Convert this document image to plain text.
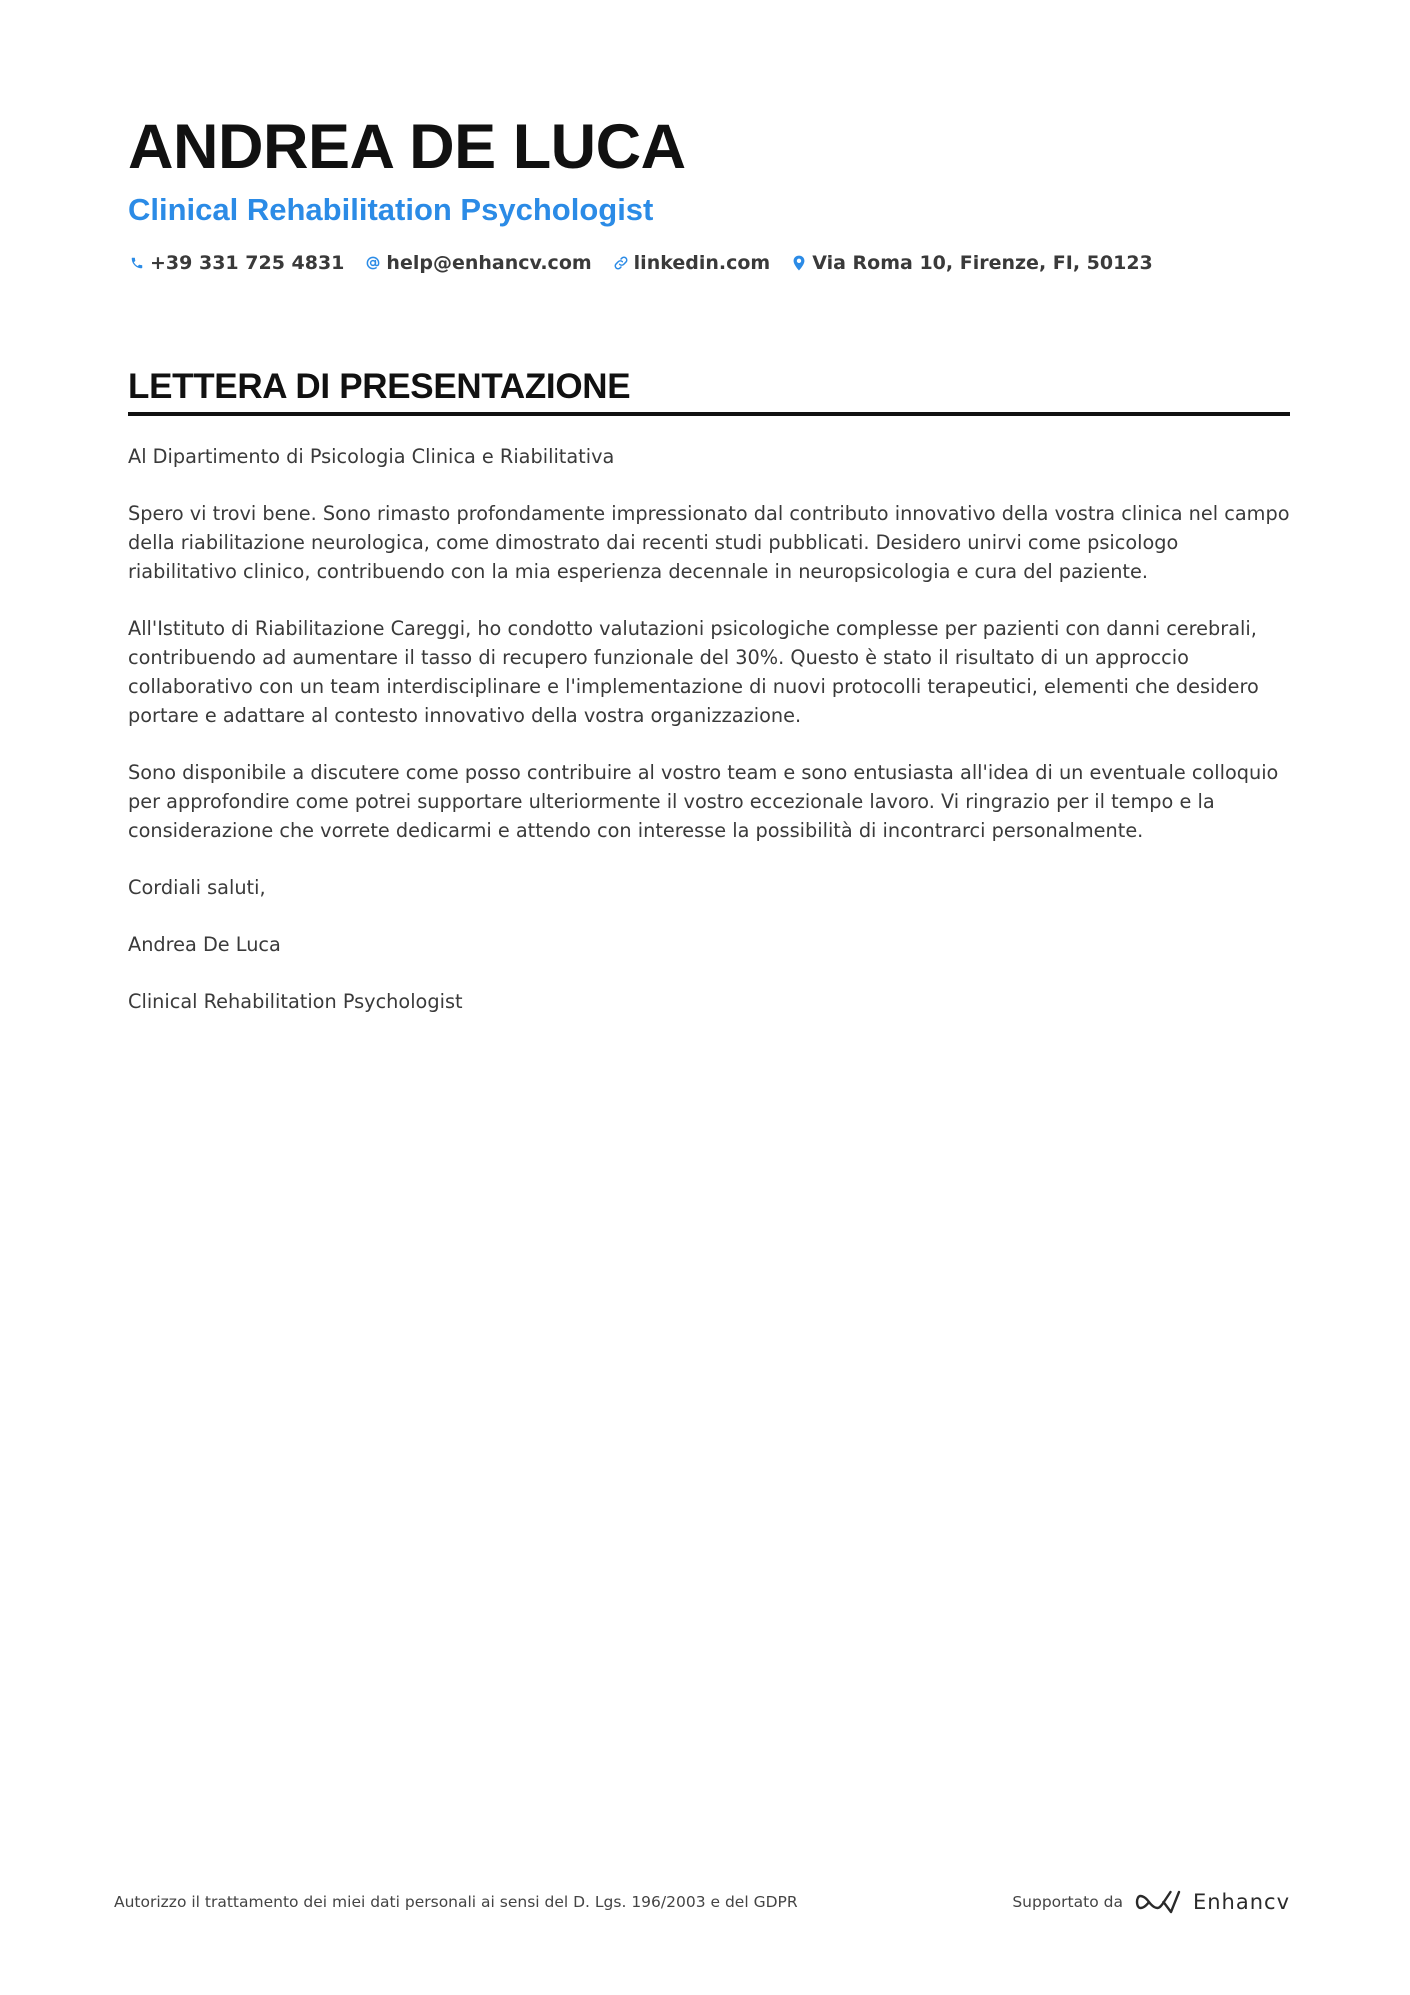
ANDREA DE LUCA
Clinical Rehabilitation Psychologist
+39 331 725 4831 help@enhancv.com linkedin.com Via Roma 10, Firenze, FI, 50123
LETTERA DI PRESENTAZIONE

Al Dipartimento di Psicologia Clinica e Riabilitativa

Spero vi trovi bene. Sono rimasto profondamente impressionato dal contributo innovativo della vostra clinica nel campo della riabilitazione neurologica, come dimostrato dai recenti studi pubblicati. Desidero unirvi come psicologo riabilitativo clinico, contribuendo con la mia esperienza decennale in neuropsicologia e cura del paziente.

All'Istituto di Riabilitazione Careggi, ho condotto valutazioni psicologiche complesse per pazienti con danni cerebrali, contribuendo ad aumentare il tasso di recupero funzionale del 30%. Questo è stato il risultato di un approccio collaborativo con un team interdisciplinare e l'implementazione di nuovi protocolli terapeutici, elementi che desidero portare e adattare al contesto innovativo della vostra organizzazione.

Sono disponibile a discutere come posso contribuire al vostro team e sono entusiasta all'idea di un eventuale colloquio per approfondire come potrei supportare ulteriormente il vostro eccezionale lavoro. Vi ringrazio per il tempo e la considerazione che vorrete dedicarmi e attendo con interesse la possibilità di incontrarci personalmente.

Cordiali saluti,

Andrea De Luca

Clinical Rehabilitation Psychologist

Autorizzo il trattamento dei miei dati personali ai sensi del D. Lgs. 196/2003 e del GDPR	Supportato da	Enhancv
